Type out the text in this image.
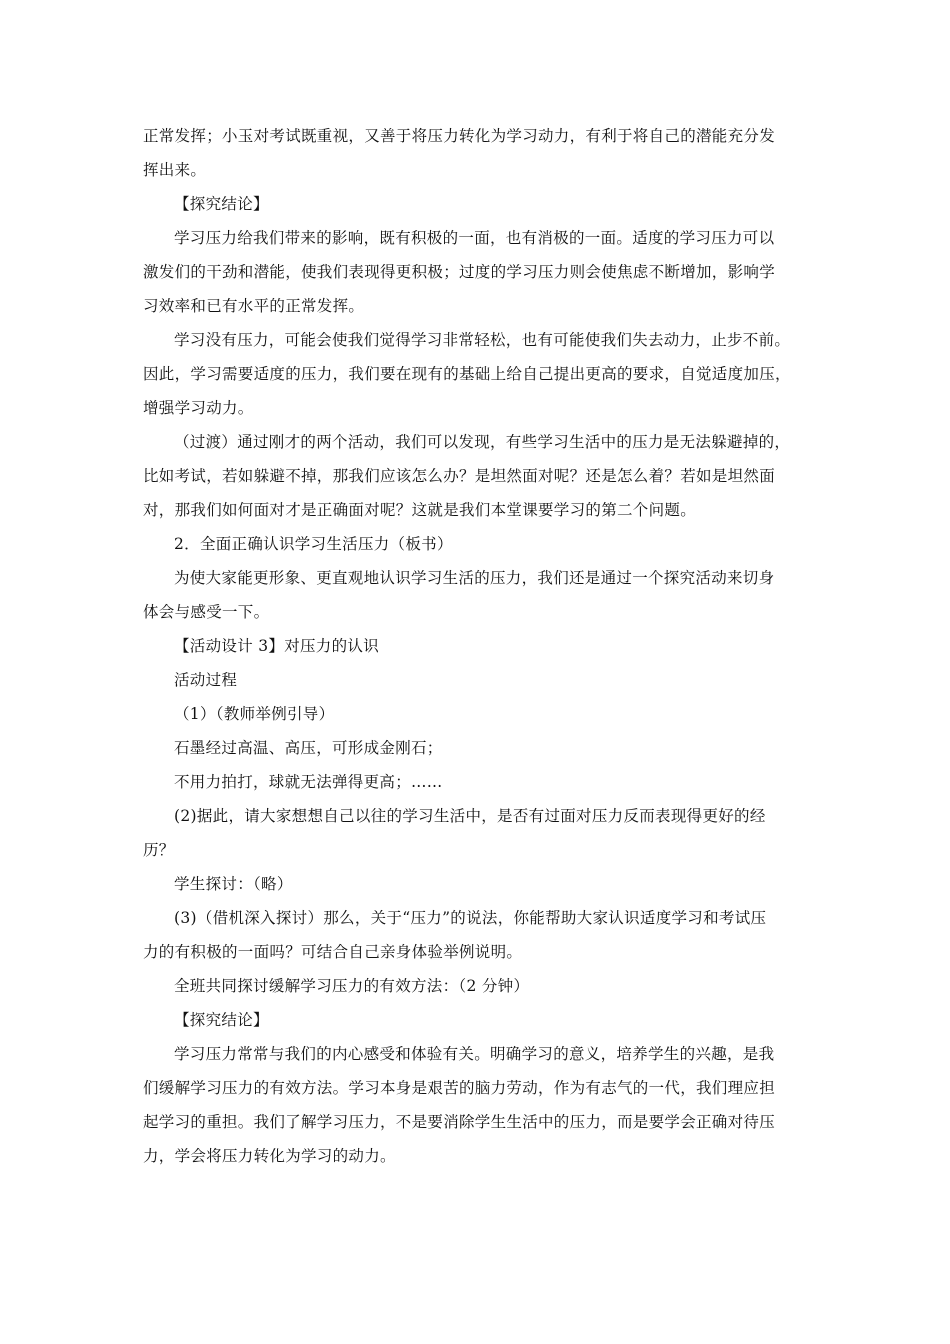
正常发挥；小玉对考试既重视，又善于将压力转化为学习动力，有利于将自己的潜能充分发
挥出来。
【探究结论】
学习压力给我们带来的影响，既有积极的一面，也有消极的一面。适度的学习压力可以
激发们的干劲和潜能，使我们表现得更积极；过度的学习压力则会使焦虑不断增加，影响学
习效率和已有水平的正常发挥。
学习没有压力，可能会使我们觉得学习非常轻松，也有可能使我们失去动力，止步不前。
因此，学习需要适度的压力，我们要在现有的基础上给自己提出更高的要求，自觉适度加压，
增强学习动力。
（过渡）通过刚才的两个活动，我们可以发现，有些学习生活中的压力是无法躲避掉的，
比如考试，若如躲避不掉，那我们应该怎么办？是坦然面对呢？还是怎么着？若如是坦然面
对，那我们如何面对才是正确面对呢？这就是我们本堂课要学习的第二个问题。
2．全面正确认识学习生活压力（板书）
为使大家能更形象、更直观地认识学习生活的压力，我们还是通过一个探究活动来切身
体会与感受一下。
【活动设计 3】对压力的认识
活动过程
（1）（教师举例引导）
石墨经过高温、高压，可形成金刚石；
不用力拍打，球就无法弹得更高；……
(2)据此，请大家想想自己以往的学习生活中，是否有过面对压力反而表现得更好的经
历？
学生探讨：（略）
(3)（借机深入探讨）那么，关于“压力”的说法，你能帮助大家认识适度学习和考试压
力的有积极的一面吗？可结合自己亲身体验举例说明。
全班共同探讨缓解学习压力的有效方法：（2 分钟）
【探究结论】
学习压力常常与我们的内心感受和体验有关。明确学习的意义，培养学生的兴趣，是我
们缓解学习压力的有效方法。学习本身是艰苦的脑力劳动，作为有志气的一代，我们理应担
起学习的重担。我们了解学习压力，不是要消除学生生活中的压力，而是要学会正确对待压
力，学会将压力转化为学习的动力。
